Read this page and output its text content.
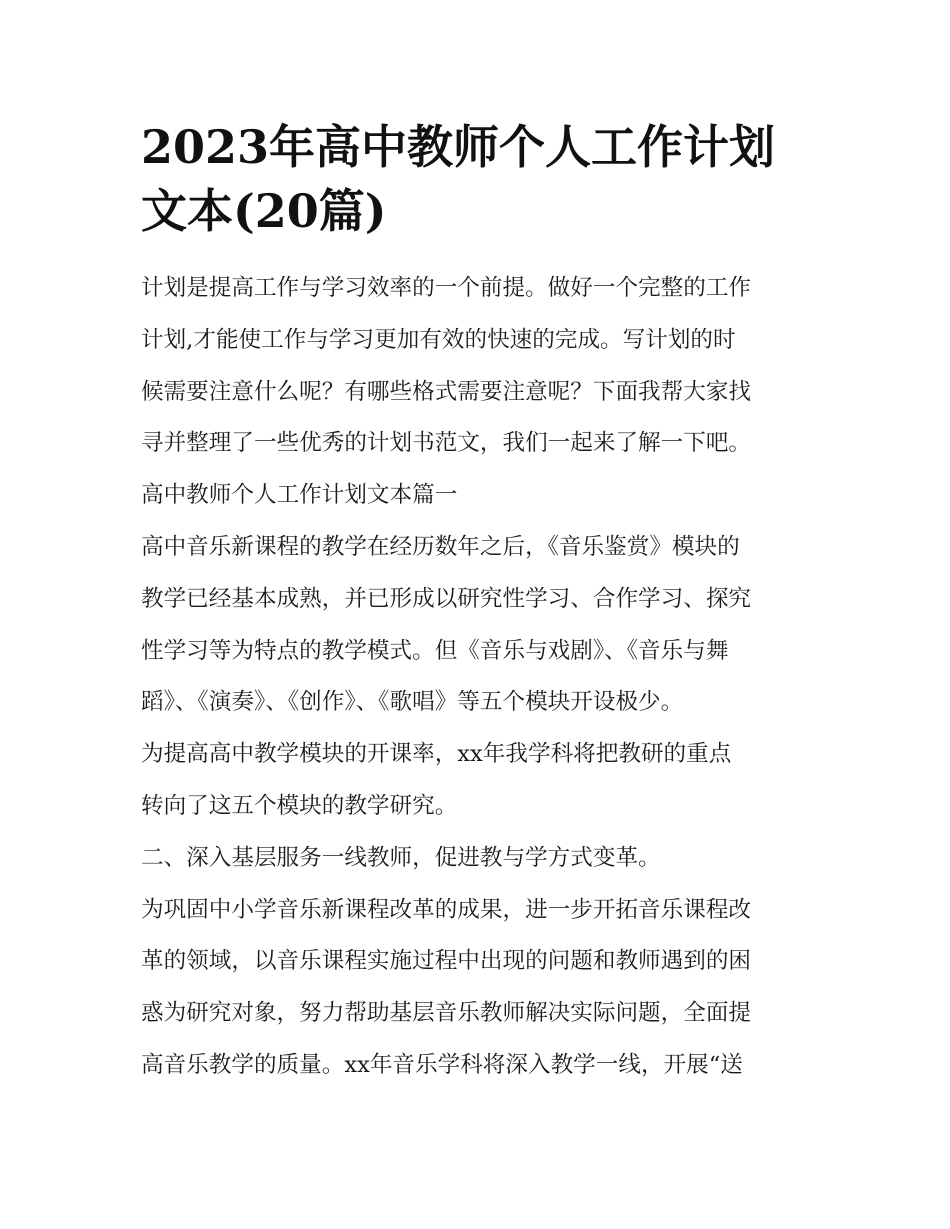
2023年高中教师个人工作计划
文本(20篇)

计划是提高工作与学习效率的一个前提。做好一个完整的工作
计划,才能使工作与学习更加有效的快速的完成。写计划的时
候需要注意什么呢？有哪些格式需要注意呢？下面我帮大家找
寻并整理了一些优秀的计划书范文，我们一起来了解一下吧。

高中教师个人工作计划文本篇一

高中音乐新课程的教学在经历数年之后，《音乐鉴赏》模块的
教学已经基本成熟，并已形成以研究性学习、合作学习、探究
性学习等为特点的教学模式。但《音乐与戏剧》、《音乐与舞
蹈》、《演奏》、《创作》、《歌唱》等五个模块开设极少。
为提高高中教学模块的开课率，xx年我学科将把教研的重点
转向了这五个模块的教学研究。

二、深入基层服务一线教师，促进教与学方式变革。

为巩固中小学音乐新课程改革的成果，进一步开拓音乐课程改
革的领域，以音乐课程实施过程中出现的问题和教师遇到的困
惑为研究对象，努力帮助基层音乐教师解决实际问题，全面提
高音乐教学的质量。xx年音乐学科将深入教学一线，开展“送
